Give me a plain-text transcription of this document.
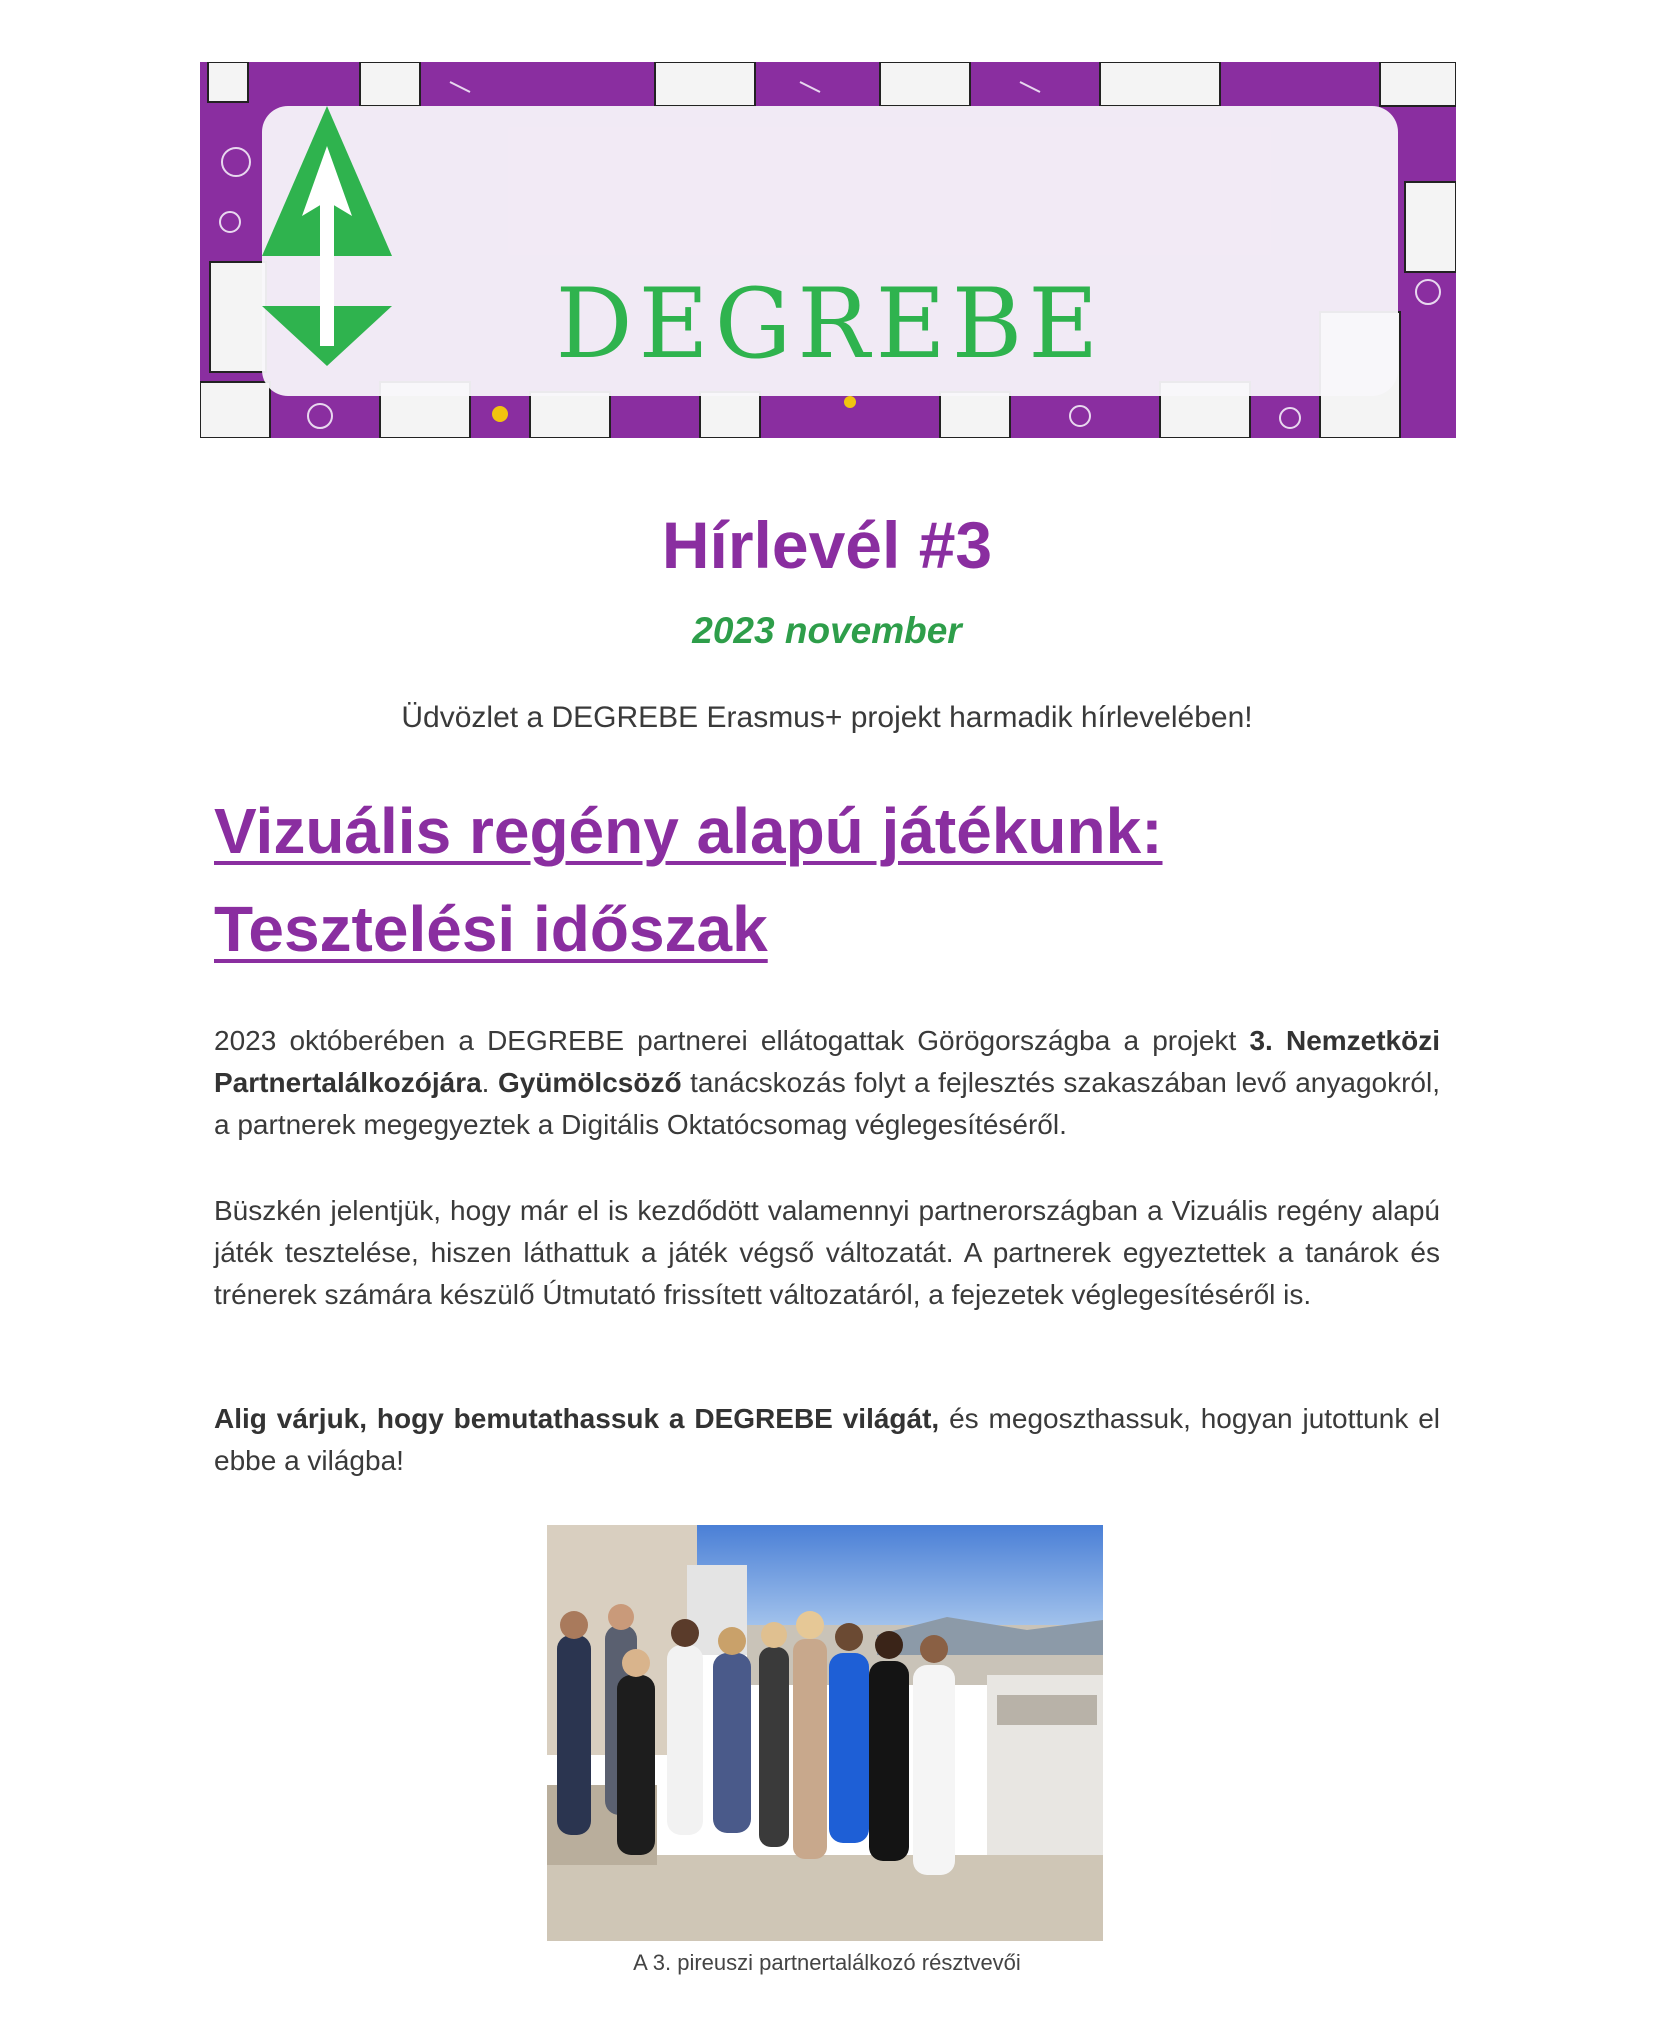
DEGREBE
Hírlevél #3
2023 november
Üdvözlet a DEGREBE Erasmus+ projekt harmadik hírlevelében!
Vizuális regény alapú játékunk: Tesztelési időszak

2023 októberében a DEGREBE partnerei ellátogattak Görögországba a projekt 3. Nemzetközi Partnertalálkozójára. Gyümölcsöző tanácskozás folyt a fejlesztés szakaszában levő anyagokról, a partnerek megegyeztek a Digitális Oktatócsomag véglegesítéséről.

Büszkén jelentjük, hogy már el is kezdődött valamennyi partnerországban a Vizuális regény alapú játék tesztelése, hiszen láthattuk a játék végső változatát. A partnerek egyeztettek a tanárok és trénerek számára készülő Útmutató frissített változatáról, a fejezetek véglegesítéséről is.

Alig várjuk, hogy bemutathassuk a DEGREBE világát, és megoszthassuk, hogyan jutottunk el ebbe a világba!

A 3. pireuszi partnertalálkozó résztvevői
